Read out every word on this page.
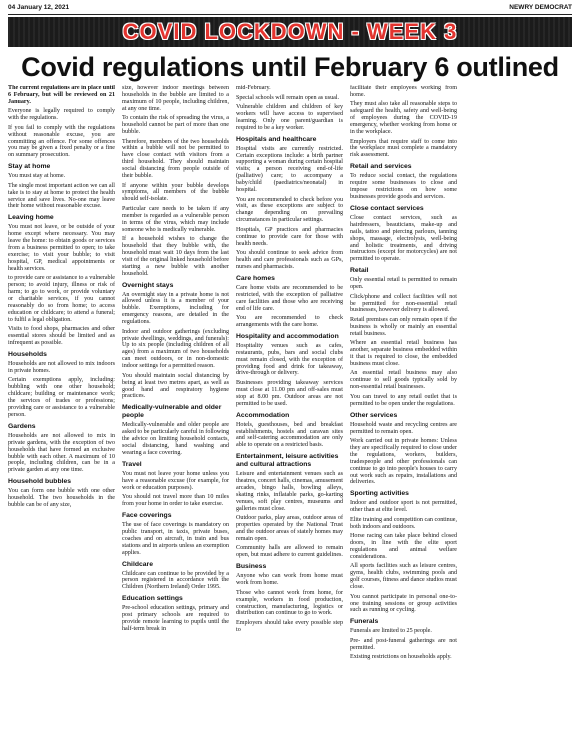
04 January 12, 2021	NEWRY DEMOCRAT
COVID LOCKDOWN - WEEK 3
Covid regulations until February 6 outlined

The current regulations are in place until 6 February, but will be reviewed on 21 January.

Everyone is legally required to comply with the regulations.

If you fail to comply with the regulations without reasonable excuse, you are committing an offence. For some offences you may be given a fixed penalty or a fine on summary prosecution.

Stay at home

You must stay at home.

The single most important action we can all take is to stay at home to protect the health service and save lives. No-one may leave their home without reasonable excuse.

Leaving home

You must not leave, or be outside of your home except where necessary. You may leave the home: to obtain goods or services from a business permitted to open; to take exercise; to visit your bubble; to visit hospital, GP, medical appointments or health services.

to provide care or assistance to a vulnerable person; to avoid injury, illness or risk of harm; to go to work, or provide voluntary or charitable services, if you cannot reasonably do so from home; to access education or childcare; to attend a funeral; to fulfil a legal obligation.

Visits to food shops, pharmacies and other essential stores should be limited and as infrequent as possible.

Households

Households are not allowed to mix indoors in private homes.

Certain exemptions apply, including: bubbling with one other household; childcare; building or maintenance work; the services of trades or professions; providing care or assistance to a vulnerable person.

Gardens

Households are not allowed to mix in private gardens, with the exception of two households that have formed an exclusive bubble with each other. A maximum of 10 people, including children, can be in a private garden at any one time.

Household bubbles

You can form one bubble with one other household. The two households in the bubble can be of any size,

size, however indoor meetings between households in the bubble are limited to a maximum of 10 people, including children, at any one time.

To contain the risk of spreading the virus, a household cannot be part of more than one bubble.

Therefore, members of the two households within a bubble will not be permitted to have close contact with visitors from a third household. They should maintain social distancing from people outside of their bubble.

If anyone within your bubble develops symptoms, all members of the bubble should self-isolate.

Particular care needs to be taken if any member is regarded as a vulnerable person in terms of the virus, which may include someone who is medically vulnerable.

If a household wishes to change the household that they bubble with, the household must wait 10 days from the last visit of the original linked household before starting a new bubble with another household.

Overnight stays

An overnight stay in a private home is not allowed unless it is a member of your bubble. Exemptions, including for emergency reasons, are detailed in the regulations.

Indoor and outdoor gatherings (excluding private dwellings, weddings, and funerals): Up to six people (including children of all ages) from a maximum of two households can meet outdoors, or in non-domestic indoor settings for a permitted reason.

You should maintain social distancing by being at least two metres apart, as well as good hand and respiratory hygiene practices.

Medically-vulnerable and older people

Medically-vulnerable and older people are asked to be particularly careful in following the advice on limiting household contacts, social distancing, hand washing and wearing a face covering.

Travel

You must not leave your home unless you have a reasonable excuse (for example, for work or education purposes).

You should not travel more than 10 miles from your home in order to take exercise.

Face coverings

The use of face coverings is mandatory on public transport, in taxis, private buses, coaches and on aircraft, in train and bus stations and in airports unless an exemption applies.

Childcare

Childcare can continue to be provided by a person registered in accordance with the Children (Northern Ireland) Order 1995.

Education settings

Pre-school education settings, primary and post primary schools are required to provide remote learning to pupils until the half-term break in

mid-February.

Special schools will remain open as usual.

Vulnerable children and children of key workers will have access to supervised learning. Only one parent/guardian is required to be a key worker.

Hospitals and healthcare

Hospital visits are currently restricted. Certain exceptions include: a birth partner supporting a woman during certain hospital visits; a person receiving end-of-life (palliative) care; to accompany a baby/child (paediatrics/neonatal) in hospital.

You are recommended to check before you visit, as these exceptions are subject to change depending on prevailing circumstances in particular settings.

Hospitals, GP practices and pharmacies continue to provide care for those with health needs.

You should continue to seek advice from health and care professionals such as GPs, nurses and pharmacists.

Care homes

Care home visits are recommended to be restricted, with the exception of palliative care facilities and those who are receiving end of life care.

You are recommended to check arrangements with the care home.

Hospitality and accommodation

Hospitality venues such as cafes, restaurants, pubs, bars and social clubs must remain closed, with the exception of providing food and drink for takeaway, drive-through or delivery.

Businesses providing takeaway services must close at 11.00 pm and off-sales must stop at 8.00 pm. Outdoor areas are not permitted to be used.

Accommodation

Hotels, guesthouses, bed and breakfast establishments, hostels and caravan sites and self-catering accommodation are only able to operate on a restricted basis.

Entertainment, leisure activities and cultural attractions

Leisure and entertainment venues such as theatres, concert halls, cinemas, amusement arcades, bingo halls, bowling alleys, skating rinks, inflatable parks, go-karting venues, soft play centres, museums and galleries must close.

Outdoor parks, play areas, outdoor areas of properties operated by the National Trust and the outdoor areas of stately homes may remain open.

Community halls are allowed to remain open, but must adhere to current guidelines.

Business

Anyone who can work from home must work from home.

Those who cannot work from home, for example, workers in food production, construction, manufacturing, logistics or distribution can continue to go to work.

Employers should take every possible step to

facilitate their employees working from home.

They must also take all reasonable steps to safeguard the health, safety and well-being of employees during the COVID-19 emergency, whether working from home or in the workplace.

Employers that require staff to come into the workplace must complete a mandatory risk assessment.

Retail and services

To reduce social contact, the regulations require some businesses to close and impose restrictions on how some businesses provide goods and services.

Close contact services

Close contact services, such as hairdressers, beauticians, make-up and nails, tattoo and piercing parlours, tanning shops, massage, electrolysis, well-being and holistic treatments, and driving instructors (except for motorcycles) are not permitted to operate.

Retail

Only essential retail is permitted to remain open.

Click/phone and collect facilities will not be permitted for non-essential retail businesses, however delivery is allowed.

Retail premises can only remain open if the business is wholly or mainly an essential retail business.

Where an essential retail business has another, separate business embedded within it that is required to close, the embedded business must close.

An essential retail business may also continue to sell goods typically sold by non-essential retail businesses.

You can travel to any retail outlet that is permitted to be open under the regulations.

Other services

Household waste and recycling centres are permitted to remain open.

Work carried out in private homes: Unless they are specifically required to close under the regulations, workers, builders, tradespeople and other professionals can continue to go into people's houses to carry out work such as repairs, installations and deliveries.

Sporting activities

Indoor and outdoor sport is not permitted, other than at elite level.

Elite training and competition can continue, both indoors and outdoors.

Horse racing can take place behind closed doors, in line with the elite sport regulations and animal welfare considerations.

All sports facilities such as leisure centres, gyms, health clubs, swimming pools and golf courses, fitness and dance studios must close.

You cannot participate in personal one-to-one training sessions or group activities such as running or cycling.

Funerals

Funerals are limited to 25 people.

Pre- and post-funeral gatherings are not permitted.

Existing restrictions on households apply.
